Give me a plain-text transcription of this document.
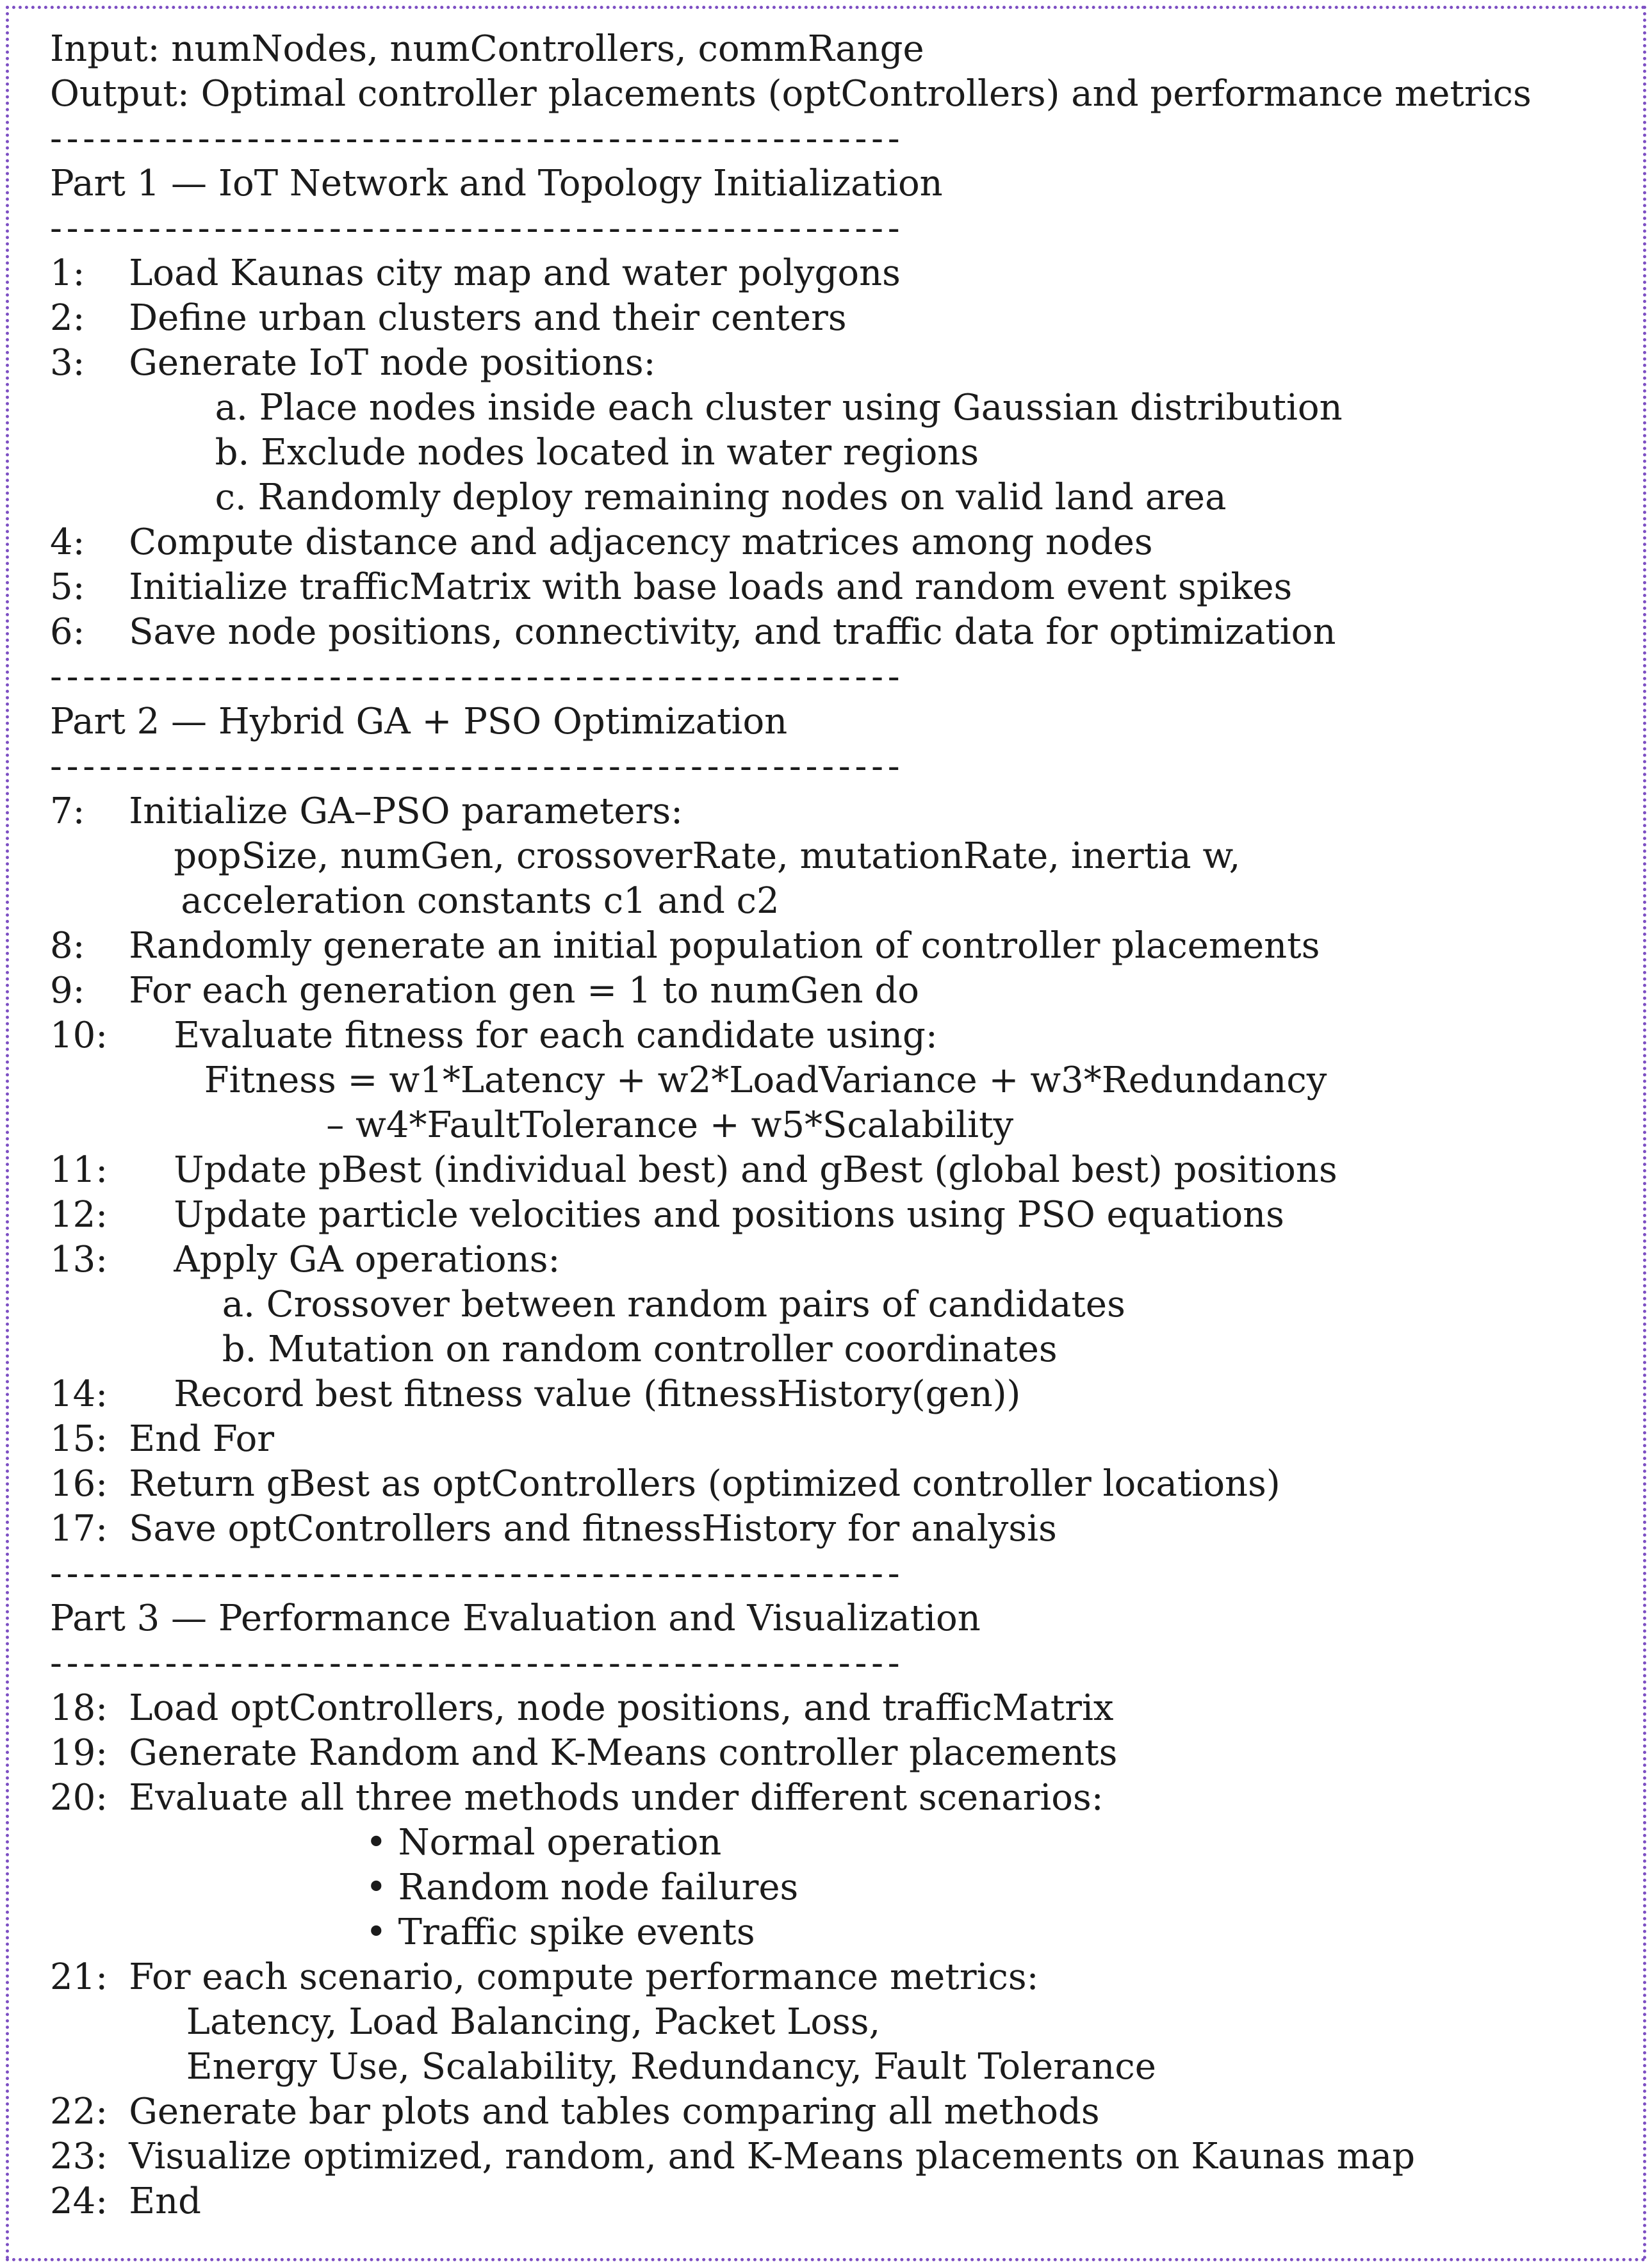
Input: numNodes, numControllers, commRange
Output: Optimal controller placements (optControllers) and performance metrics
----------------------------------------------------
Part 1 — IoT Network and Topology Initialization
----------------------------------------------------
1:	Load Kaunas city map and water polygons
2:	Define urban clusters and their centers
3:	Generate IoT node positions:
a. Place nodes inside each cluster using Gaussian distribution
b. Exclude nodes located in water regions
c. Randomly deploy remaining nodes on valid land area
4:	Compute distance and adjacency matrices among nodes
5:	Initialize trafficMatrix with base loads and random event spikes
6:	Save node positions, connectivity, and traffic data for optimization
----------------------------------------------------
Part 2 — Hybrid GA + PSO Optimization
----------------------------------------------------
7:	Initialize GA–PSO parameters:
popSize, numGen, crossoverRate, mutationRate, inertia w,
acceleration constants c1 and c2
8:	Randomly generate an initial population of controller placements
9:	For each generation gen = 1 to numGen do
10:	Evaluate fitness for each candidate using:
Fitness = w1*Latency + w2*LoadVariance + w3*Redundancy
– w4*FaultTolerance + w5*Scalability
11:	Update pBest (individual best) and gBest (global best) positions
12:	Update particle velocities and positions using PSO equations
13:	Apply GA operations:
a. Crossover between random pairs of candidates
b. Mutation on random controller coordinates
14:	Record best fitness value (fitnessHistory(gen))
15: End For
16: Return gBest as optControllers (optimized controller locations)
17: Save optControllers and fitnessHistory for analysis
----------------------------------------------------
Part 3 — Performance Evaluation and Visualization
----------------------------------------------------
18: Load optControllers, node positions, and trafficMatrix
19: Generate Random and K-Means controller placements
20: Evaluate all three methods under different scenarios:
• Normal operation
• Random node failures
• Traffic spike events
21: For each scenario, compute performance metrics:
Latency, Load Balancing, Packet Loss,
Energy Use, Scalability, Redundancy, Fault Tolerance
22: Generate bar plots and tables comparing all methods
23: Visualize optimized, random, and K-Means placements on Kaunas map
24: End
